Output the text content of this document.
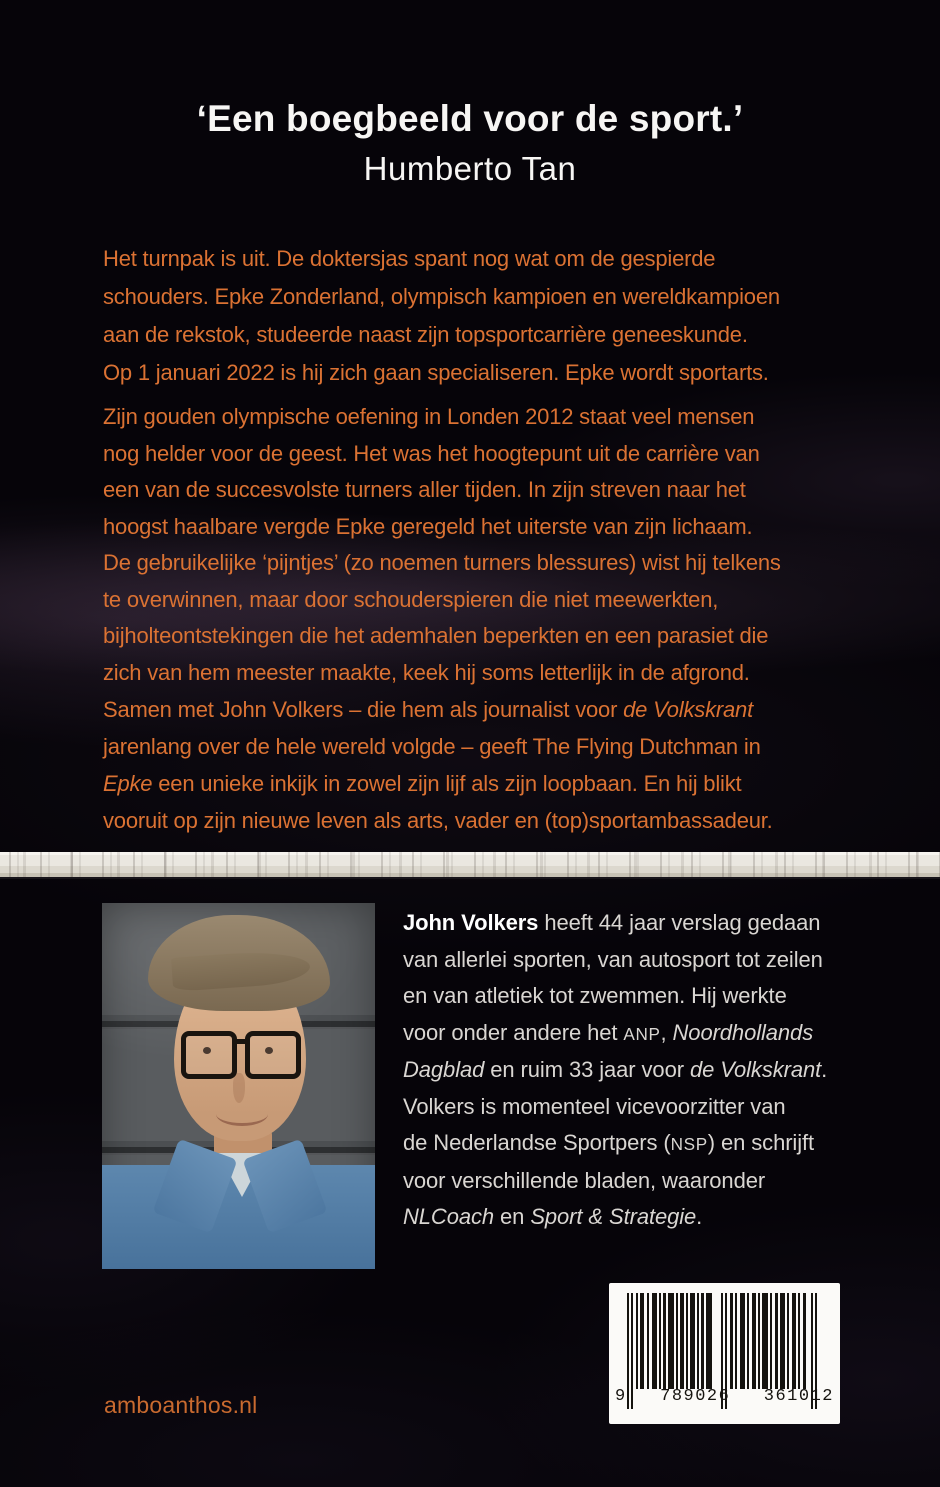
‘Een boegbeeld voor de sport.’
Humberto Tan
Het turnpak is uit. De doktersjas spant nog wat om de gespierde
schouders. Epke Zonderland, olympisch kampioen en wereldkampioen
aan de rekstok, studeerde naast zijn topsportcarrière geneeskunde.
Op 1 januari 2022 is hij zich gaan specialiseren. Epke wordt sportarts.
Zijn gouden olympische oefening in Londen 2012 staat veel mensen
nog helder voor de geest. Het was het hoogtepunt uit de carrière van
een van de succesvolste turners aller tijden. In zijn streven naar het
hoogst haalbare vergde Epke geregeld het uiterste van zijn lichaam.
De gebruikelijke ‘pijntjes’ (zo noemen turners blessures) wist hij telkens
te overwinnen, maar door schouderspieren die niet meewerkten,
bijholteontstekingen die het ademhalen beperkten en een parasiet die
zich van hem meester maakte, keek hij soms letterlijk in de afgrond.
Samen met John Volkers – die hem als journalist voor de Volkskrant
jarenlang over de hele wereld volgde – geeft The Flying Dutchman in
Epke een unieke inkijk in zowel zijn lijf als zijn loopbaan. En hij blikt
vooruit op zijn nieuwe leven als arts, vader en (top)sportambassadeur.
John Volkers heeft 44 jaar verslag gedaan
van allerlei sporten, van autosport tot zeilen
en van atletiek tot zwemmen. Hij werkte
voor onder andere het ANP, Noordhollands
Dagblad en ruim 33 jaar voor de Volkskrant.
Volkers is momenteel vicevoorzitter van
de Nederlandse Sportpers (NSP) en schrijft
voor verschillende bladen, waaronder
NLCoach en Sport & Strategie.
9 789026 361012
amboanthos.nl
